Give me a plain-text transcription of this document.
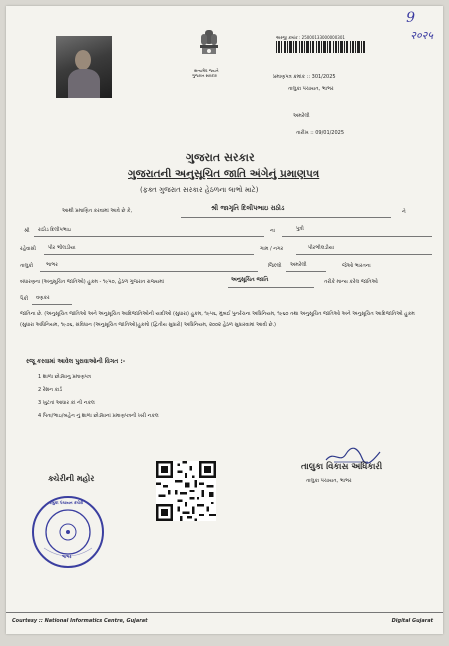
સત્યમેવ જયતે
ગુજરાત સરકાર
અરજી ક્રમાંક : 25000133000000301
9
२०२५
પ્રમાણપત્ર ક્રમાંક :: 301/2025
તાલુકા પંચાયત, ભાભર
અમરેલી
તારીખ :: 09/01/2025
ગુજરાત સરકાર
ગુજરાતની અનુસૂચિત જાતિ અંગેનું પ્રમાણપત્ર
(ફક્ત ગુજરાત સરકાર હેઠળના લાભો માટે)
આથી પ્રમાણિત કરવામાં આવે છે કે,	શ્રી જાગૃતિ દિલીપભાઇ રાઠોડ	ને
શ્રી રાઠોડ દિલીપભાઇ	ના	પુત્રી
રહેવાસી પીર ભીલડીયા	ગામ / નગર	પીરભીલડીયા
તાલુકો	ભાભર	જિલ્લો અમરેલી	જેઓ ભારતના
બંધારણના (અનુસૂચિત જાતિઓ) હુકમ - ૧૯૫૦, હેઠળ ગુજરાત રાજ્યમાં	અનુસૂચિત જાતિ	તરીકે માન્ય કરેલ જાતિઓ
પૈકી વણકર
જાતિના છે. (અનુસૂચિત જાતિઓ અને અનુસૂચિત આદિજાતિઓની યાદીઓ (સુધારા) હુકમ, ૧૯૫૬, મુંબઈ પુનર્રચના અધિનિયમ, ૧૯૬૦ તથા અનુસૂચિત જાતિઓ અને અનુસૂચિત આદિજાતિઓ હુકમ (સુધારા અધિનિયમ, ૧૯૭૬, સંવિધાન (અનુસૂચિત જાતિઓ)હુકમો (દ્વિતીય સુધારો) અધિનિયમ, ૨૦૦૨ હેઠળ સુધારવામાં આવી છે.)
રજૂ કરવામાં આવેલ પુરાવાઓની વિગત :-
1 શાળા છોડ્યાનુ પ્રમાણપત્ર
2 રેશન કાર્ડ
3 ખુટતાં આધાર કાં ની નકલ
4 પિતા/ભાઇ/બહેન નું શાળા છોડ્યાનાં પ્રમાણપત્રની ખરી નકલ
ક્ચેરીની મહોર
તાલુકા વિકાસ અધિકારી
તાલુકા પંચાયત, ભાભર
તાલુકા પંચાયત કચેરી
ભાભર
Courtesy :: National Informatics Centre, Gujarat	Digital Gujarat
